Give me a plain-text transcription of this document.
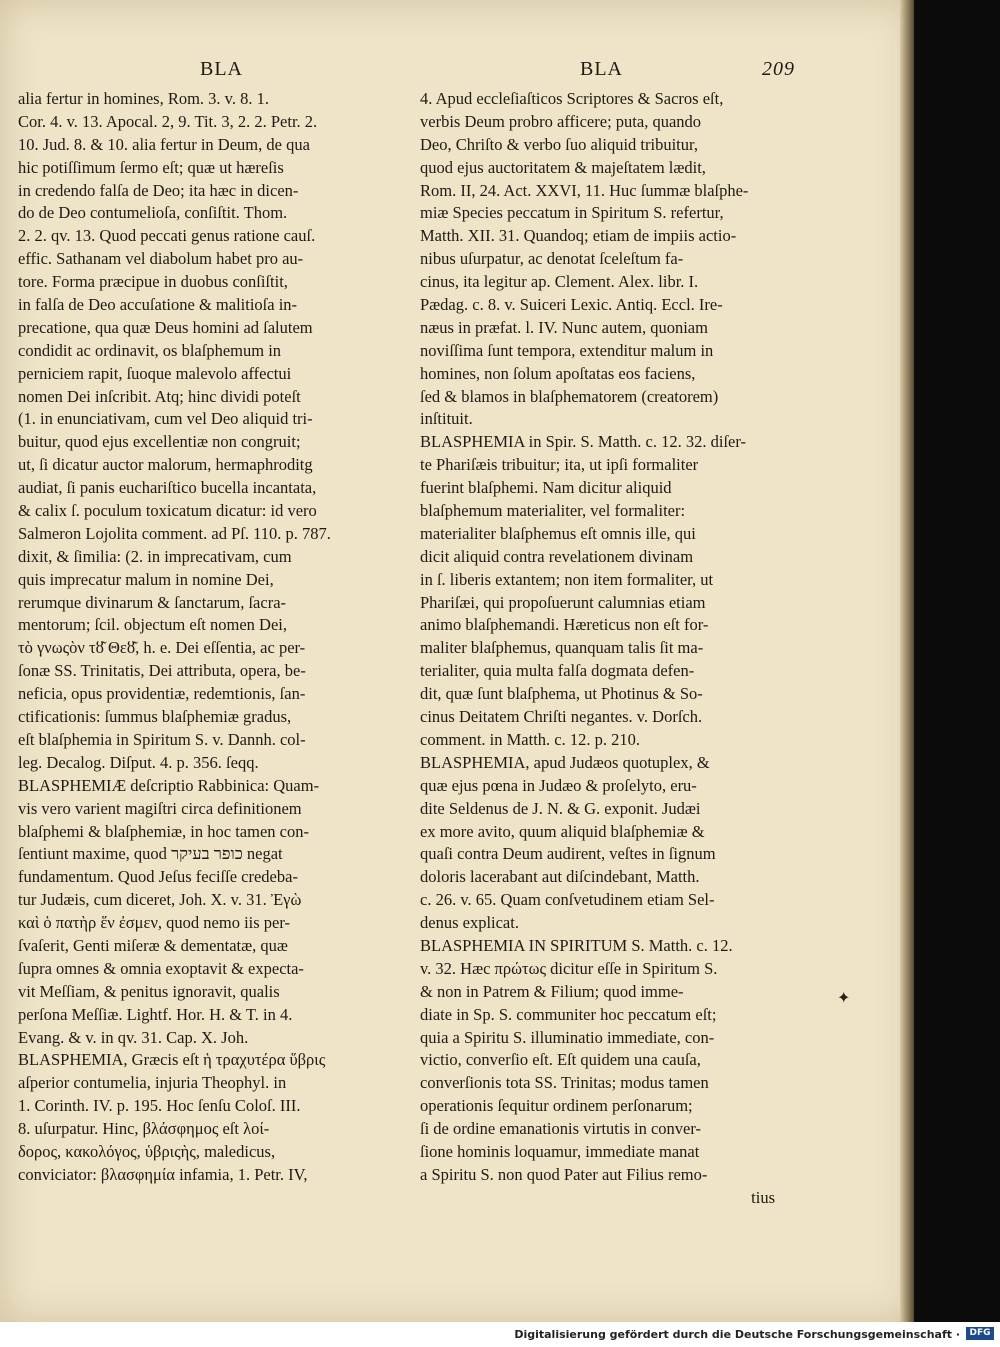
BLA	BLA	209
alia fertur in homines, Rom. 3. v. 8. 1.
Cor. 4. v. 13. Apocal. 2, 9. Tit. 3, 2. 2. Petr. 2.
10. Jud. 8. & 10. alia fertur in Deum, de qua
hic potiſſimum ſermo eſt; quæ ut hæreſis
in credendo falſa de Deo; ita hæc in dicen-
do de Deo contumelioſa, conſiſtit. Thom.
2. 2. qv. 13. Quod peccati genus ratione cauſ.
effic. Sathanam vel diabolum habet pro au-
tore. Forma præcipue in duobus conſiſtit,
in falſa de Deo accuſatione & malitioſa in-
precatione, qua quæ Deus homini ad ſalutem
condidit ac ordinavit, os blaſphemum in
perniciem rapit, ſuoque malevolo affectui
nomen Dei inſcribit. Atq; hinc dividi poteſt
(1. in enunciativam, cum vel Deo aliquid tri-
buitur, quod ejus excellentiæ non congruit;
ut, ſi dicatur auctor malorum, hermaphroditg
audiat, ſi panis euchariſtico bucella incantata,
& calix ſ. poculum toxicatum dicatur: id vero
Salmeron Lojolita comment. ad Pſ. 110. p. 787.
dixit, & ſimilia: (2. in imprecativam, cum
quis imprecatur malum in nomine Dei,
rerumque divinarum & ſanctarum, ſacra-
mentorum; ſcil. objectum eſt nomen Dei,
τὸ γνωςὸν τȣ͂ Θεȣ͂, h. e. Dei eſſentia, ac per-
ſonæ SS. Trinitatis, Dei attributa, opera, be-
neficia, opus providentiæ, redemtionis, ſan-
ctificationis: ſummus blaſphemiæ gradus,
eſt blaſphemia in Spiritum S. v. Dannh. col-
leg. Decalog. Diſput. 4. p. 356. ſeqq.
BLASPHEMIÆ deſcriptio Rabbinica: Quam-
vis vero varient magiſtri circa definitionem
blaſphemi & blaſphemiæ, in hoc tamen con-
ſentiunt maxime, quod כופר בעיקר negat
fundamentum. Quod Jeſus feciſſe credeba-
tur Judæis, cum diceret, Joh. X. v. 31. Ἐγὼ
καὶ ὁ πατὴρ ἕν ἐσμεν, quod nemo iis per-
ſvaſerit, Genti miſeræ & dementatæ, quæ
ſupra omnes & omnia exoptavit & expecta-
vit Meſſiam, & penitus ignoravit, qualis
perſona Meſſiæ. Lightf. Hor. H. & T. in 4.
Evang. & v. in qv. 31. Cap. X. Joh.
BLASPHEMIA, Græcis eſt ἡ τραχυτέρα ὕβρις
aſperior contumelia, injuria Theophyl. in
1. Corinth. IV. p. 195. Hoc ſenſu Coloſ. III.
8. uſurpatur. Hinc, βλάσφημος eſt λοί-
δορος, κακολόγος, ὑβριςὴς, maledicus,
conviciator: βλασφημία infamia, 1. Petr. IV,
4. Apud eccleſiaſticos Scriptores & Sacros eſt,
verbis Deum probro afficere; puta, quando
Deo, Chriſto & verbo ſuo aliquid tribuitur,
quod ejus auctoritatem & majeſtatem lædit,
Rom. II, 24. Act. XXVI, 11. Huc ſummæ blaſphe-
miæ Species peccatum in Spiritum S. refertur,
Matth. XII. 31. Quandoq; etiam de impiis actio-
nibus uſurpatur, ac denotat ſceleſtum fa-
cinus, ita legitur ap. Clement. Alex. libr. I.
Pædag. c. 8. v. Suiceri Lexic. Antiq. Eccl. Ire-
næus in præfat. l. IV. Nunc autem, quoniam
noviſſima ſunt tempora, extenditur malum in
homines, non ſolum apoſtatas eos faciens,
ſed & blamos in blaſphematorem (creatorem)
inſtituit.
BLASPHEMIA in Spir. S. Matth. c. 12. 32. diſer-
te Phariſæis tribuitur; ita, ut ipſi formaliter
fuerint blaſphemi. Nam dicitur aliquid
blaſphemum materialiter, vel formaliter:
materialiter blaſphemus eſt omnis ille, qui
dicit aliquid contra revelationem divinam
in ſ. liberis extantem; non item formaliter, ut
Phariſæi, qui propoſuerunt calumnias etiam
animo blaſphemandi. Hæreticus non eſt for-
maliter blaſphemus, quanquam talis ſit ma-
terialiter, quia multa falſa dogmata defen-
dit, quæ ſunt blaſphema, ut Photinus & So-
cinus Deitatem Chriſti negantes. v. Dorſch.
comment. in Matth. c. 12. p. 210.
BLASPHEMIA, apud Judæos quotuplex, &
quæ ejus pœna in Judæo & proſelyto, eru-
dite Seldenus de J. N. & G. exponit. Judæi
ex more avito, quum aliquid blaſphemiæ &
quaſi contra Deum audirent, veſtes in ſignum
doloris lacerabant aut diſcindebant, Matth.
c. 26. v. 65. Quam conſvetudinem etiam Sel-
denus explicat.
BLASPHEMIA IN SPIRITUM S. Matth. c. 12.
v. 32. Hæc πρώτως dicitur eſſe in Spiritum S.
& non in Patrem & Filium; quod imme-
diate in Sp. S. communiter hoc peccatum eſt;
quia a Spiritu S. illuminatio immediate, con-
victio, converſio eſt. Eſt quidem una cauſa,
converſionis tota SS. Trinitas; modus tamen
operationis ſequitur ordinem perſonarum;
ſi de ordine emanationis virtutis in conver-
ſione hominis loquamur, immediate manat
a Spiritu S. non quod Pater aut Filius remo-
tius
✦
Digitalisierung gefördert durch die Deutsche Forschungsgemeinschaft ·	DFG
